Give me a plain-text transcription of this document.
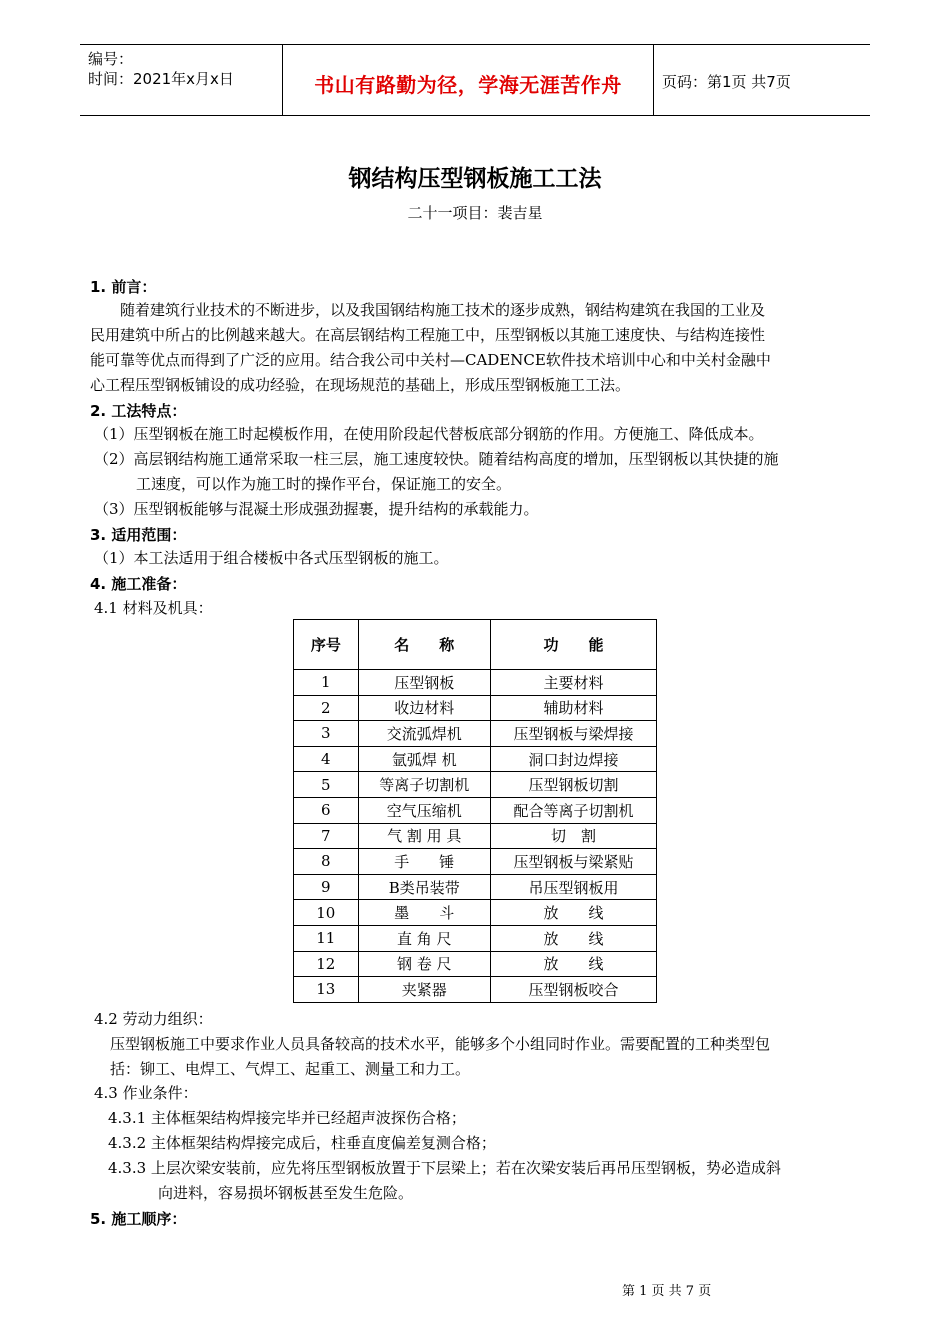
编号：
时间：2021年x月x日	书山有路勤为径，学海无涯苦作舟	页码：第1页 共7页
钢结构压型钢板施工工法
二十一项目：裴吉星
1. 前言：
随着建筑行业技术的不断进步，以及我国钢结构施工技术的逐步成熟，钢结构建筑在我国的工业及
民用建筑中所占的比例越来越大。在高层钢结构工程施工中，压型钢板以其施工速度快、与结构连接性
能可靠等优点而得到了广泛的应用。结合我公司中关村—CADENCE软件技术培训中心和中关村金融中
心工程压型钢板铺设的成功经验，在现场规范的基础上，形成压型钢板施工工法。
2. 工法特点：
（1）压型钢板在施工时起模板作用，在使用阶段起代替板底部分钢筋的作用。方便施工、降低成本。
（2）高层钢结构施工通常采取一柱三层，施工速度较快。随着结构高度的增加，压型钢板以其快捷的施
工速度，可以作为施工时的操作平台，保证施工的安全。
（3）压型钢板能够与混凝土形成强劲握裹，提升结构的承载能力。
3. 适用范围：
（1）本工法适用于组合楼板中各式压型钢板的施工。
4. 施工准备：
4.1 材料及机具：
序号	名　　称	功　　能
1	压型钢板	主要材料
2	收边材料	辅助材料
3	交流弧焊机	压型钢板与梁焊接
4	氩弧焊 机	洞口封边焊接
5	等离子切割机	压型钢板切割
6	空气压缩机	配合等离子切割机
7	气 割 用 具	切　割
8	手　　锤	压型钢板与梁紧贴
9	B类吊装带	吊压型钢板用
10	墨　　斗	放　　线
11	直 角 尺	放　　线
12	钢 卷 尺	放　　线
13	夹紧器	压型钢板咬合
4.2 劳动力组织：
压型钢板施工中要求作业人员具备较高的技术水平，能够多个小组同时作业。需要配置的工种类型包
括：铆工、电焊工、气焊工、起重工、测量工和力工。
4.3 作业条件：
4.3.1 主体框架结构焊接完毕并已经超声波探伤合格；
4.3.2 主体框架结构焊接完成后，柱垂直度偏差复测合格；
4.3.3 上层次梁安装前，应先将压型钢板放置于下层梁上；若在次梁安装后再吊压型钢板，势必造成斜
向进料，容易损坏钢板甚至发生危险。
5. 施工顺序：
第 1 页 共 7 页
